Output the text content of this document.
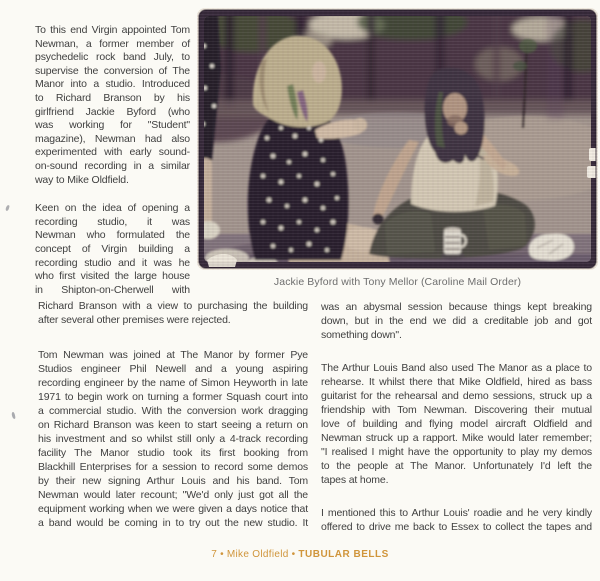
To this end Virgin appointed Tom
Newman, a former member of
psychedelic rock band July, to
supervise the conversion of The
Manor into a studio. Introduced
to Richard Branson by his
girlfriend Jackie Byford (who
was working for "Student"
magazine), Newman had also
experimented with early sound-
on-sound recording in a similar
way to Mike Oldfield.
Keen on the idea of opening a
recording studio, it was
Newman who formulated the
concept of Virgin building a
recording studio and it was he
who first visited the large house
in Shipton-on-Cherwell with
Jackie Byford with Tony Mellor (Caroline Mail Order)
Richard Branson with a view to purchasing the building
after several other premises were rejected.
Tom Newman was joined at The Manor by former Pye
Studios engineer Phil Newell and a young aspiring
recording engineer by the name of Simon Heyworth in late
1971 to begin work on turning a former Squash court into
a commercial studio. With the conversion work dragging
on Richard Branson was keen to start seeing a return on
his investment and so whilst still only a 4-track recording
facility The Manor studio took its first booking from
Blackhill Enterprises for a session to record some demos
by their new signing Arthur Louis and his band. Tom
Newman would later recount; "We'd only just got all the
equipment working when we were given a days notice that
a band would be coming in to try out the new studio. It
was an abysmal session because things kept breaking
down, but in the end we did a creditable job and got
something down".
The Arthur Louis Band also used The Manor as a place to
rehearse. It whilst there that Mike Oldfield, hired as bass
guitarist for the rehearsal and demo sessions, struck up a
friendship with Tom Newman. Discovering their mutual
love of building and flying model aircraft Oldfield and
Newman struck up a rapport. Mike would later remember;
"I realised I might have the opportunity to play my demos
to the people at The Manor. Unfortunately I'd left the
tapes at home.
I mentioned this to Arthur Louis' roadie and he very kindly
offered to drive me back to Essex to collect the tapes and
7 • Mike Oldfield • TUBULAR BELLS
